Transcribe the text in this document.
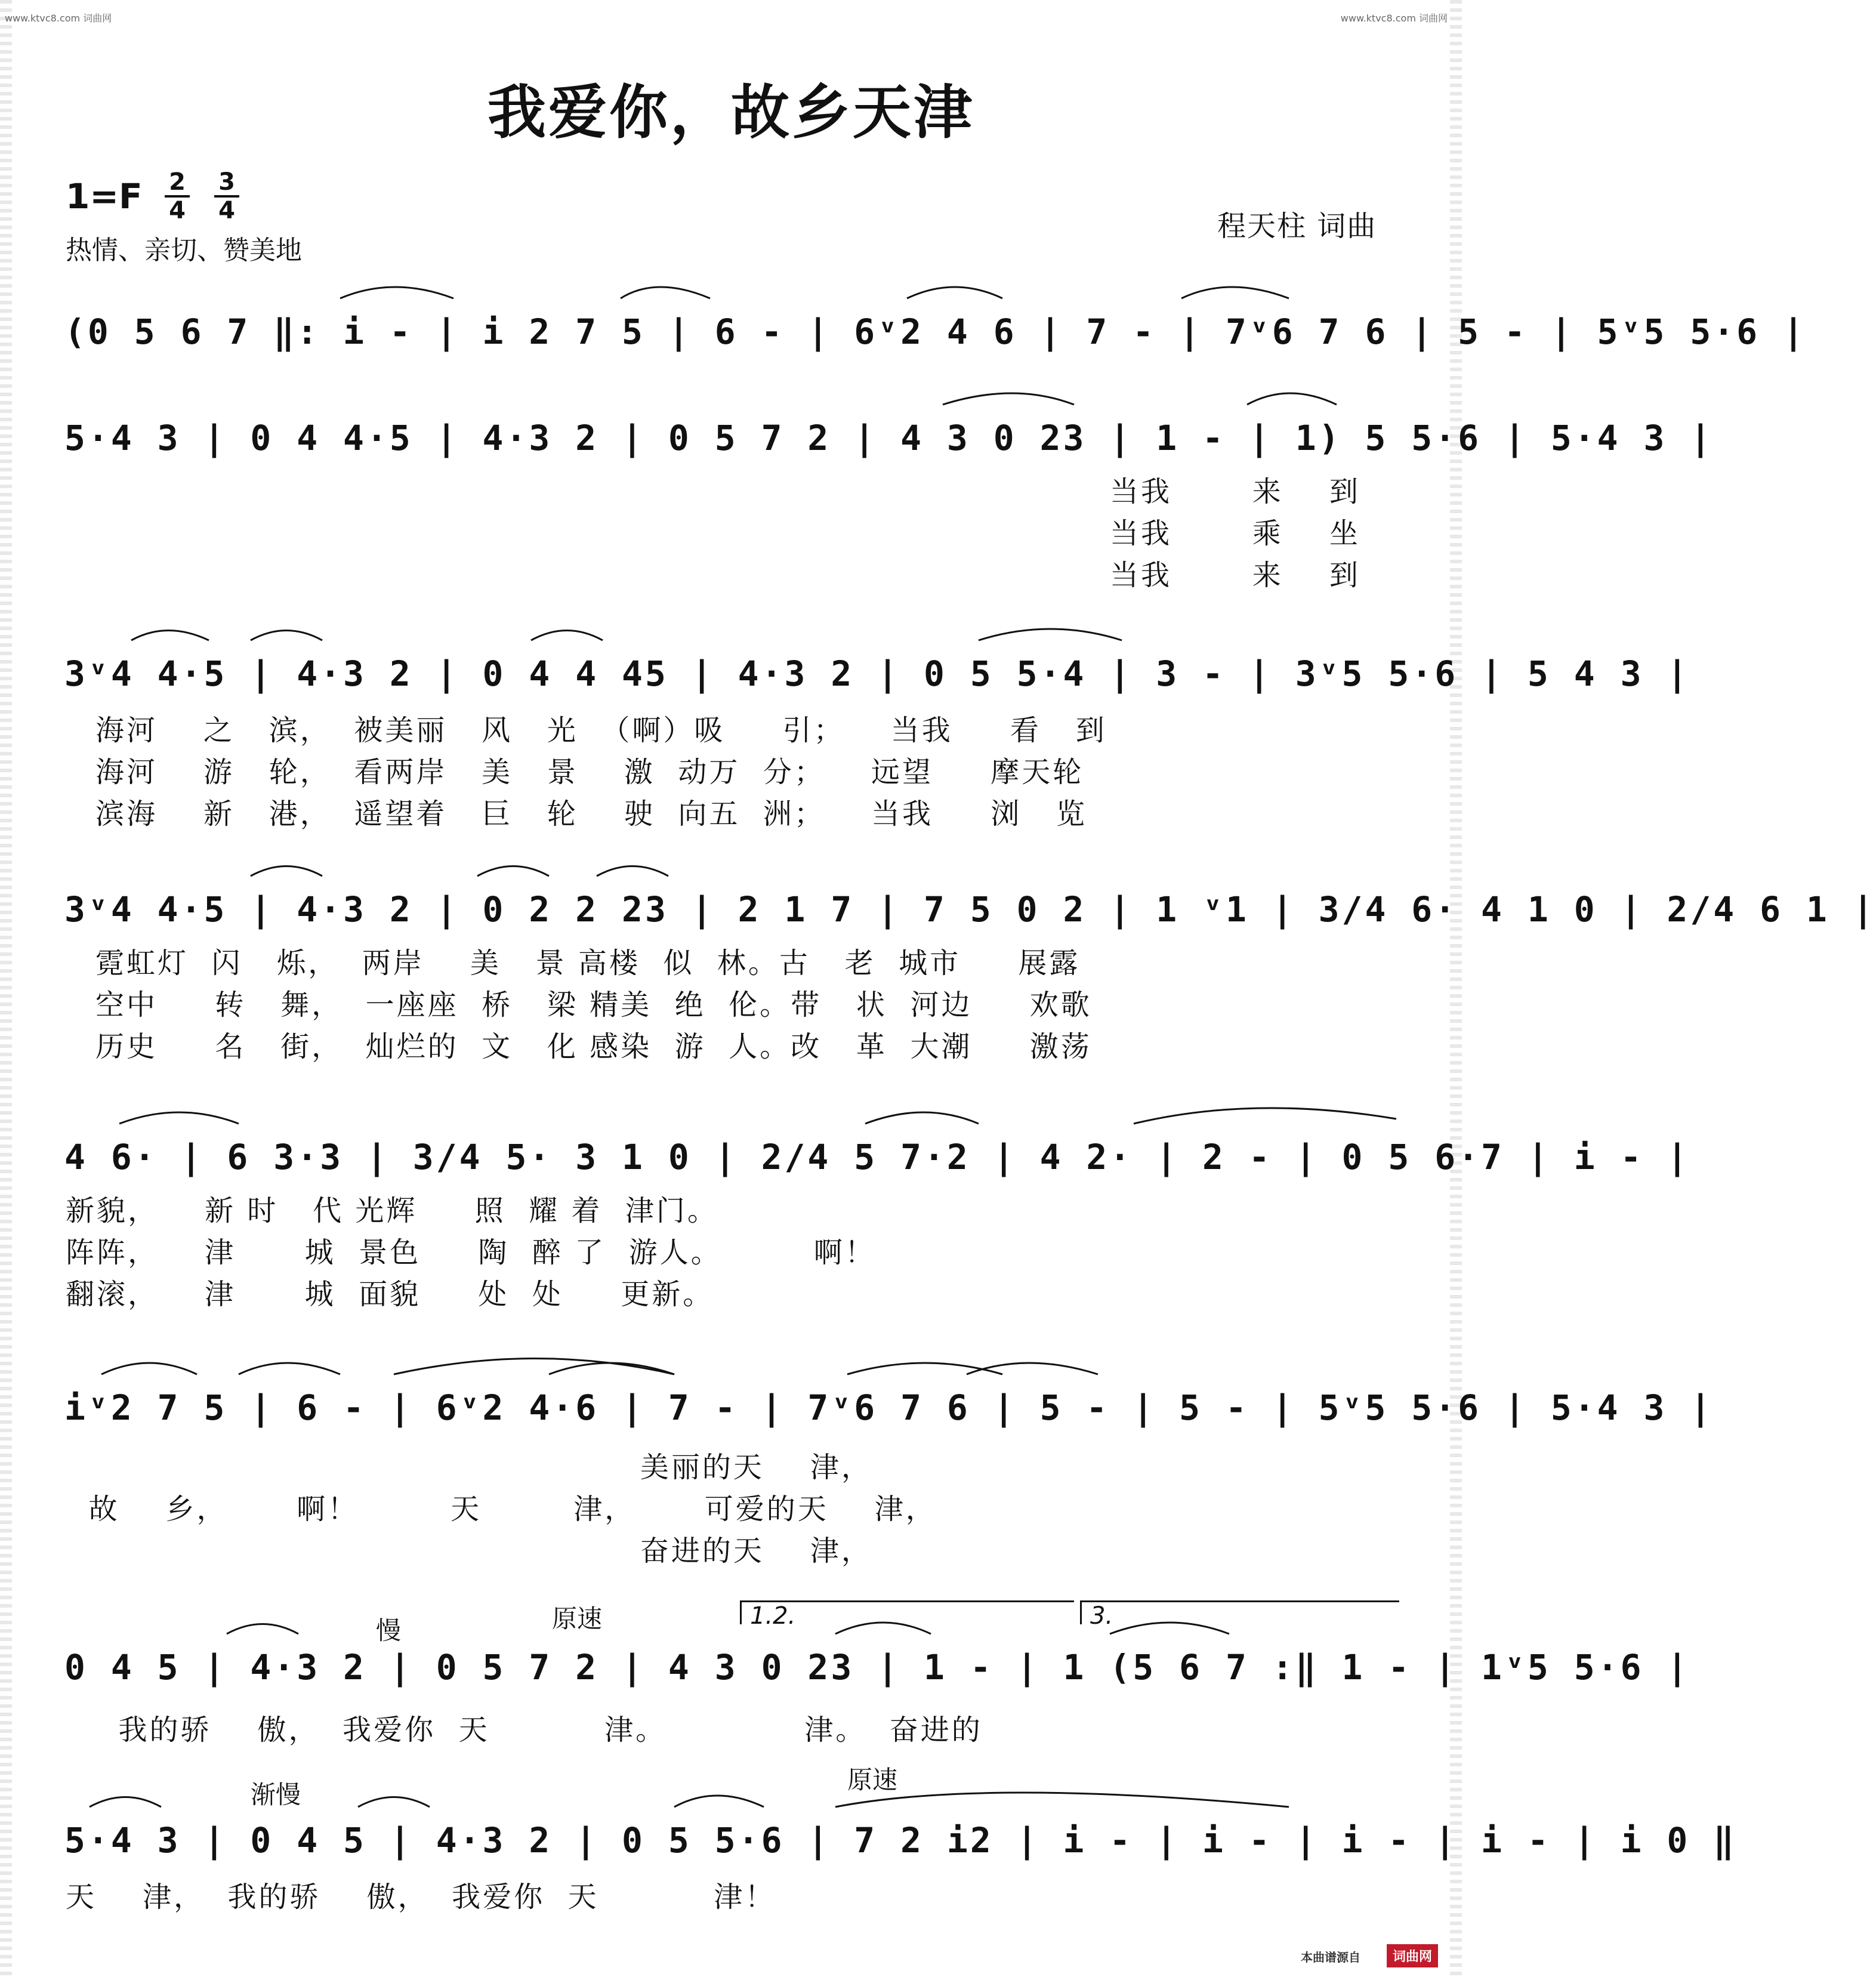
www.ktvc8.com 词曲网	www.ktvc8.com 词曲网
我爱你，故乡天津
1=F 2
4
3
4
热情、亲切、赞美地
程天柱 词曲
(0 5 6 7 ‖: i - | i 2 7 5 | 6 - | 6ᵛ2 4 6 | 7 - | 7ᵛ6 7 6 | 5 - | 5ᵛ5 5·6 |
5·4 3 | 0 4 4·5 | 4·3 2 | 0 5 7 2 | 4 3 0 23 | 1 - | 1) 5 5·6 | 5·4 3 |
当我       来    到
当我       乘    坐
当我       来    到
3ᵛ4 4·5 | 4·3 2 | 0 4 4 45 | 4·3 2 | 0 5 5·4 | 3 - | 3ᵛ5 5·6 | 5 4 3 |
海河    之   滨，  被美丽   风   光  （啊）吸     引；    当我     看   到
海河    游   轮，  看两岸   美   景    激  动万  分；    远望     摩天轮
滨海    新   港，  遥望着   巨   轮    驶  向五  洲；    当我     浏   览
3ᵛ4 4·5 | 4·3 2 | 0 2 2 23 | 2 1 7 | 7 5 0 2 | 1 ᵛ1 | 3/4 6· 4 1 0 | 2/4 6 1 |
霓虹灯  闪   烁，  两岸    美   景 高楼  似  林。古   老  城市     展露
空中     转   舞，  一座座  桥   梁 精美  绝  伦。带   状  河边     欢歌
历史     名   街，  灿烂的  文   化 感染  游  人。改   革  大潮     激荡
4 6· | 6 3·3 | 3/4 5· 3 1 0 | 2/4 5 7·2 | 4 2· | 2 - | 0 5 6·7 | i - |
新貌，    新 时   代 光辉     照  耀 着  津门。
阵阵，    津      城  景色     陶  醉 了  游人。        啊！
翻滚，    津      城  面貌     处  处     更新。
iᵛ2 7 5 | 6 - | 6ᵛ2 4·6 | 7 - | 7ᵛ6 7 6 | 5 - | 5 - | 5ᵛ5 5·6 | 5·4 3 |
美丽的天    津，
故    乡，      啊！        天        津，      可爱的天    津，
奋进的天    津，
慢	原速	1.2.	3.
0 4 5 | 4·3 2 | 0 5 7 2 | 4 3 0 23 | 1 - | 1 (5 6 7 :‖ 1 - | 1ᵛ5 5·6 |
我的骄    傲，  我爱你  天          津。            津。  奋进的
渐慢
原速
5·4 3 | 0 4 5 | 4·3 2 | 0 5 5·6 | 7 2 i2 | i - | i - | i - | i - | i 0 ‖
天    津，  我的骄    傲，  我爱你  天          津！
本曲谱源自	词曲网
